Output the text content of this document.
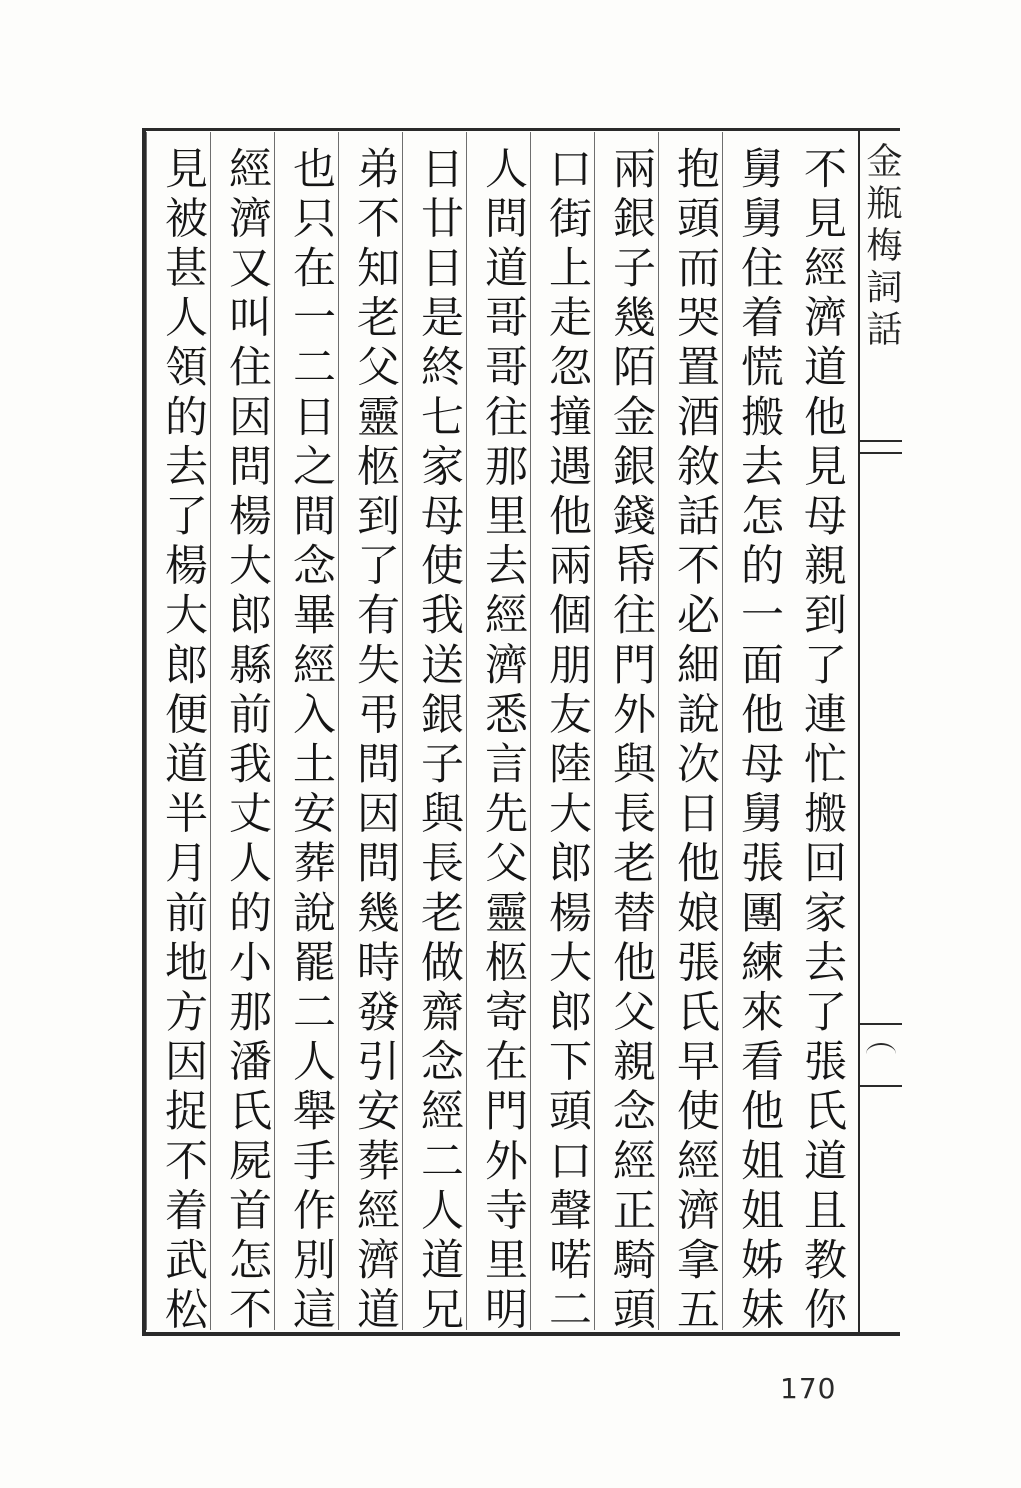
金瓶梅詞話
不見經濟道他見母親到了連忙搬回家去了張氏道且教你
舅舅住着慌搬去怎的一面他母舅張團練來看他姐姐姊妹
抱頭而哭置酒敘話不必細說次日他娘張氏早使經濟拿五
兩銀子幾陌金銀錢帋往門外與長老替他父親念經正騎頭
口街上走忽撞遇他兩個朋友陸大郎楊大郎下頭口聲喏二
人問道哥哥往那里去經濟悉言先父靈柩寄在門外寺里明
日廿日是終七家母使我送銀子與長老做齋念經二人道兄
弟不知老父靈柩到了有失弔問因問幾時發引安葬經濟道
也只在一二日之間念畢經入土安葬說罷二人舉手作別這
經濟又叫住因問楊大郎縣前我丈人的小那潘氏屍首怎不
見被甚人領的去了楊大郎便道半月前地方因捉不着武松
170
